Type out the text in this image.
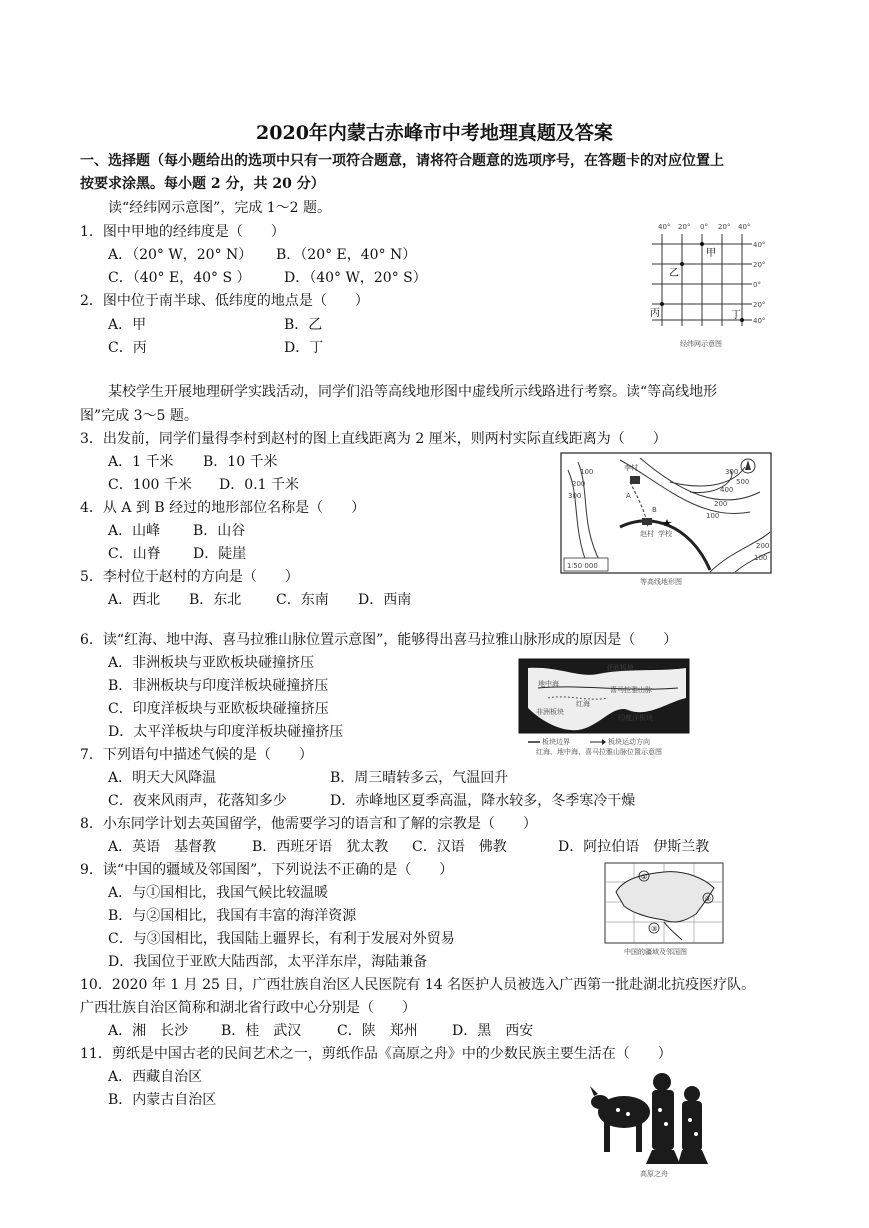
2020年内蒙古赤峰市中考地理真题及答案
一、选择题（每小题给出的选项中只有一项符合题意，请将符合题意的选项序号，在答题卡的对应位置上
按要求涂黑。每小题 2 分，共 20 分）
读“经纬网示意图”，完成 1～2 题。
1．图中甲地的经纬度是（　　）
A．（20° W，20° N） B．（20° E，40° N）
C．（40° E，40° S ） D．（40° W，20° S）
2．图中位于南半球、低纬度的地点是（　　）
A．甲	B．乙
C．丙	D．丁
40° 20° 0° 20° 40°
40°
20°
0°
20°
40°
甲
乙
丙	丁
经纬网示意图
某校学生开展地理研学实践活动，同学们沿等高线地形图中虚线所示线路进行考察。读“等高线地形
图”完成 3～5 题。
3．出发前，同学们量得李村到赵村的图上直线距离为 2 厘米，则两村实际直线距离为（　　）
A．1 千米 B．10 千米
C．100 千米 D．0.1 千米
4．从 A 到 B 经过的地形部位名称是（　　）
A．山峰 B．山谷
C．山脊 D．陡崖
5．李村位于赵村的方向是（　　）
A．西北 B．东北 C．东南 D．西南
100
200
300
李村
A
B
300
400
500
200
100
赵村 学校
200
100
1∶50 000
等高线地形图
6．读“红海、地中海、喜马拉雅山脉位置示意图”，能够得出喜马拉雅山脉形成的原因是（　　）
A．非洲板块与亚欧板块碰撞挤压
B．非洲板块与印度洋板块碰撞挤压
C．印度洋板块与亚欧板块碰撞挤压
D．太平洋板块与印度洋板块碰撞挤压
亚欧板块
地中海
喜马拉雅山脉
红海
非洲板块
印度洋板块
板块边界	板块运动方向
红海、地中海、喜马拉雅山脉位置示意图
7．下列语句中描述气候的是（　　）
A．明天大风降温	B．周三晴转多云，气温回升
C．夜来风雨声，花落知多少	D．赤峰地区夏季高温，降水较多，冬季寒冷干燥
8．小东同学计划去英国留学，他需要学习的语言和了解的宗教是（　　）
A．英语　基督教	B．西班牙语　犹太教 C．汉语　佛教	D．阿拉伯语　伊斯兰教
9．读“中国的疆域及邻国图”，下列说法不正确的是（　　）
A．与①国相比，我国气候比较温暖
B．与②国相比，我国有丰富的海洋资源
C．与③国相比，我国陆上疆界长，有利于发展对外贸易
D．我国位于亚欧大陆西部，太平洋东岸，海陆兼备
①
②
③
中国的疆域及邻国图
10．2020 年 1 月 25 日，广西壮族自治区人民医院有 14 名医护人员被选入广西第一批赴湖北抗疫医疗队。
广西壮族自治区简称和湖北省行政中心分别是（　　）
A．湘　长沙 B．桂　武汉	C．陕　郑州 D．黑　西安
11．剪纸是中国古老的民间艺术之一，剪纸作品《高原之舟》中的少数民族主要生活在（　　）
A．西藏自治区
B．内蒙古自治区
高原之舟
